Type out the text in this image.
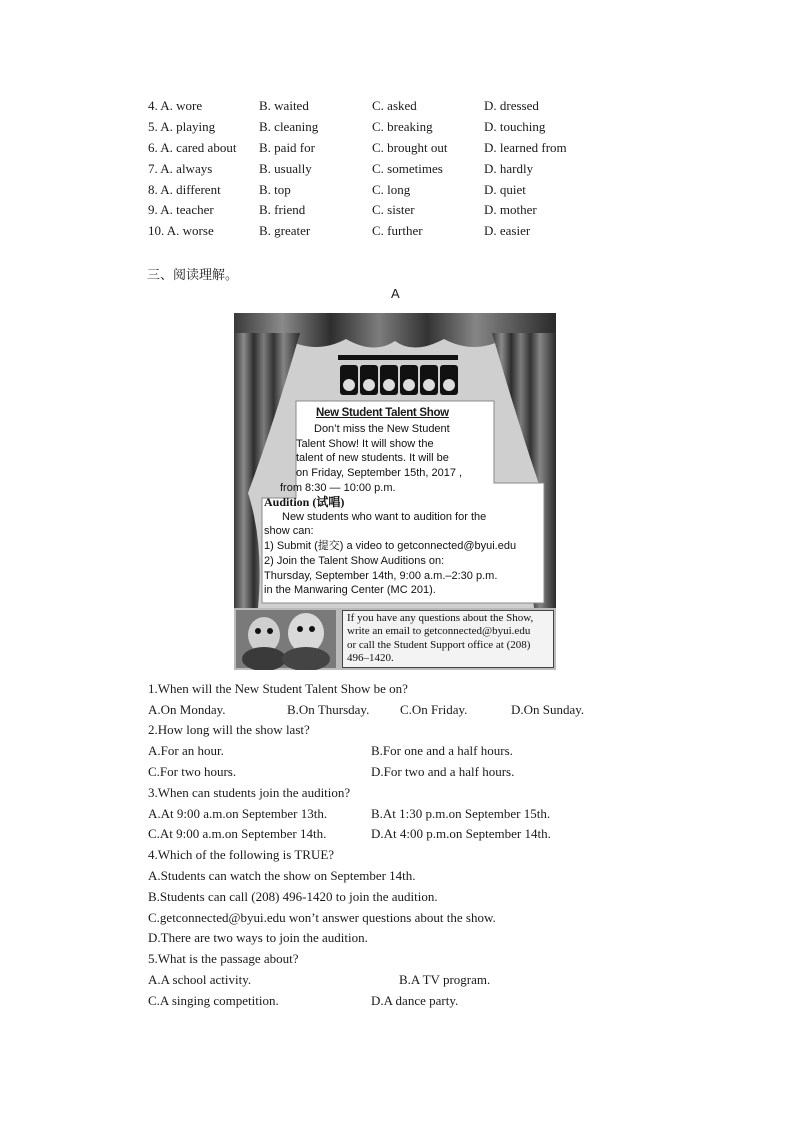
4. A. wore	B. waited	C. asked	D. dressed
5. A. playing	B. cleaning	C. breaking	D. touching
6. A. cared about B. paid for	C. brought out	D. learned from
7. A. always	B. usually	C. sometimes	D. hardly
8. A. different	B. top	C. long	D. quiet
9. A. teacher	B. friend	C. sister	D. mother
10. A. worse	B. greater	C. further	D. easier
三、阅读理解。
A
New Student Talent Show
Don’t miss the New Student
Talent Show! It will show the
talent of new students. It will be
on Friday, September 15th, 2017 ,
from 8:30 — 10:00 p.m.
Audition (试唱)
New students who want to audition for the
show can:
1) Submit (提交) a video to getconnected@byui.edu
2) Join the Talent Show Auditions on:
Thursday, September 14th, 9:00 a.m.–2:30 p.m.
in the Manwaring Center (MC 201).
If you have any questions about the Show,
write an email to getconnected@byui.edu
or call the Student Support office at (208)
496–1420.
1.When will the New Student Talent Show be on?
A.On Monday.	B.On Thursday. C.On Friday.	D.On Sunday.
2.How long will the show last?
A.For an hour.	B.For one and a half hours.
C.For two hours.	D.For two and a half hours.
3.When can students join the audition?
A.At 9:00 a.m.on September 13th.	B.At 1:30 p.m.on September 15th.
C.At 9:00 a.m.on September 14th.	D.At 4:00 p.m.on September 14th.
4.Which of the following is TRUE?
A.Students can watch the show on September 14th.
B.Students can call (208) 496-1420 to join the audition.
C.getconnected@byui.edu won’t answer questions about the show.
D.There are two ways to join the audition.
5.What is the passage about?
A.A school activity.	B.A TV program.
C.A singing competition.	D.A dance party.
